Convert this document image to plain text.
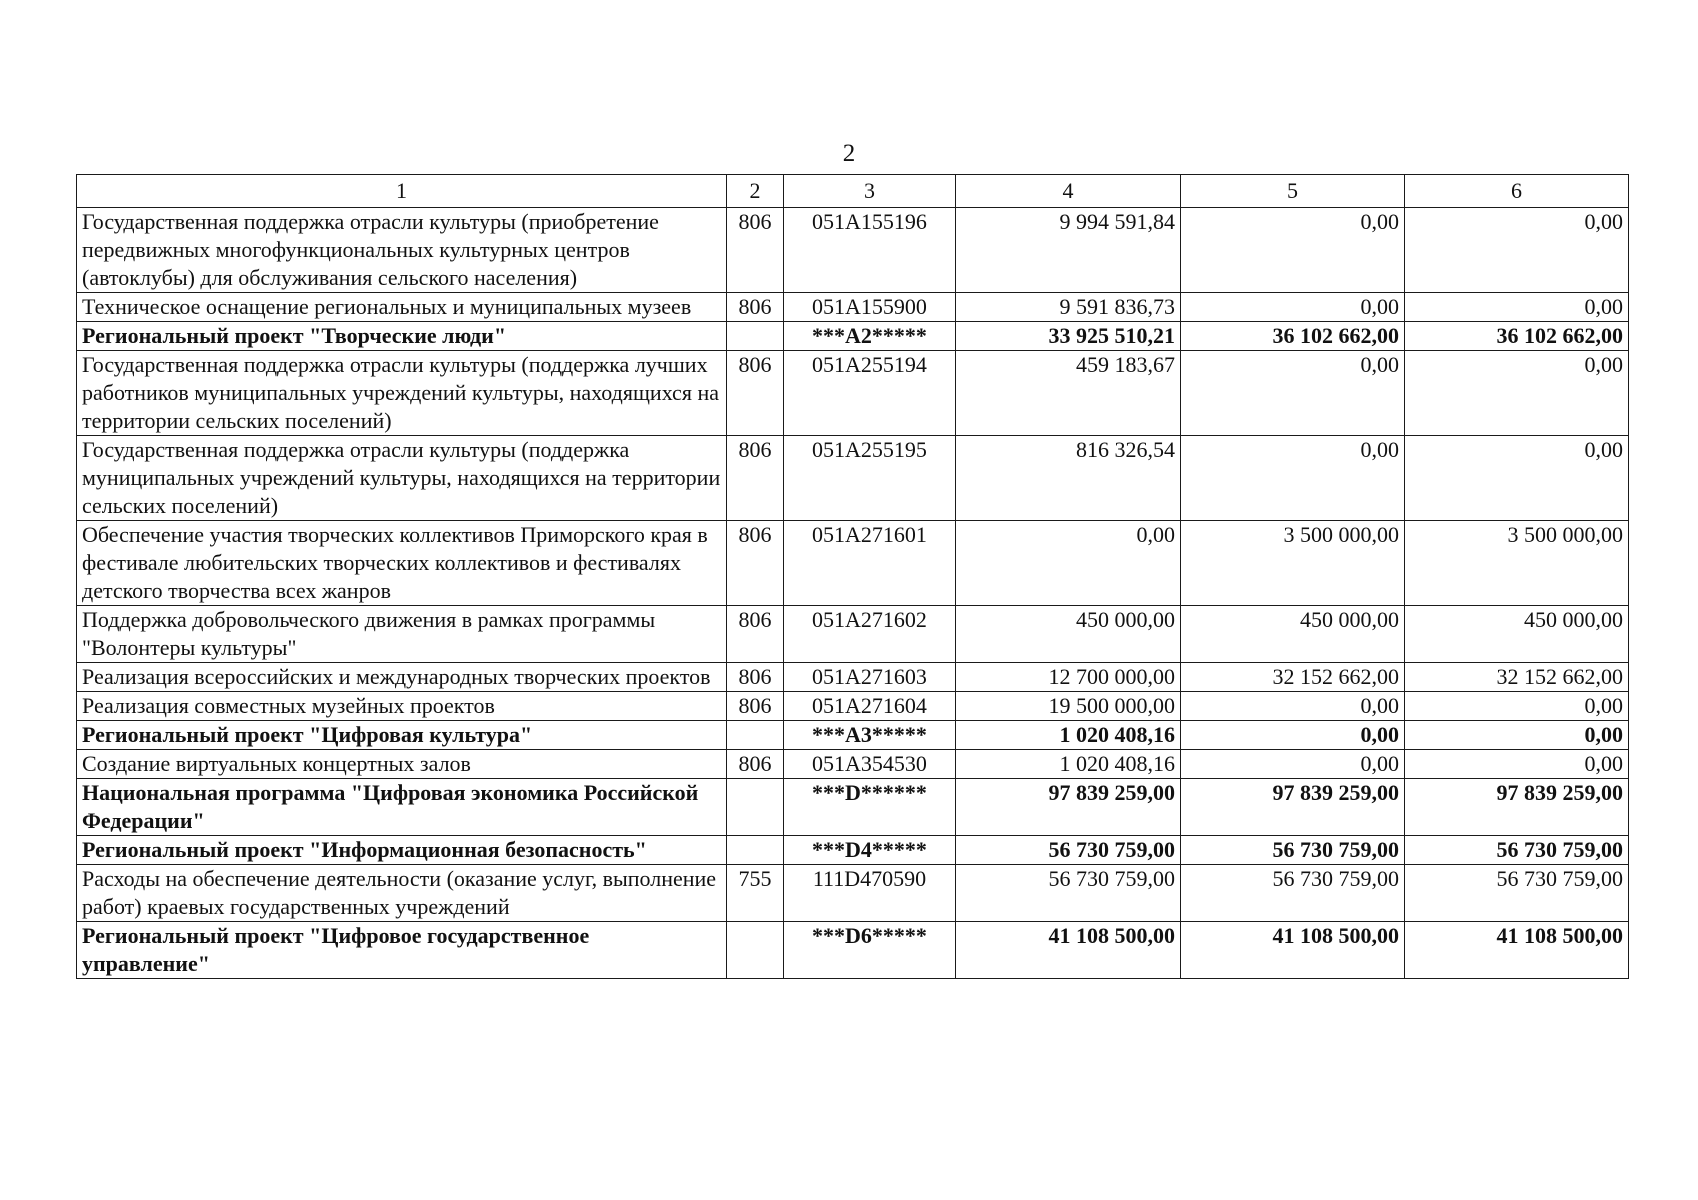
2
1	2	3	4	5	6
Государственная поддержка отрасли культуры (приобретение передвижных многофункциональных культурных центров (автоклубы) для обслуживания сельского населения)	806	051A155196	9 994 591,84	0,00	0,00
Техническое оснащение региональных и муниципальных музеев	806	051A155900	9 591 836,73	0,00	0,00
Региональный проект "Творческие люди"		***A2*****	33 925 510,21	36 102 662,00	36 102 662,00
Государственная поддержка отрасли культуры (поддержка лучших работников муниципальных учреждений культуры, находящихся на территории сельских поселений)	806	051A255194	459 183,67	0,00	0,00
Государственная поддержка отрасли культуры (поддержка муниципальных учреждений культуры, находящихся на территории сельских поселений)	806	051A255195	816 326,54	0,00	0,00
Обеспечение участия творческих коллективов Приморского края в фестивале любительских творческих коллективов и фестивалях детского творчества всех жанров	806	051A271601	0,00	3 500 000,00	3 500 000,00
Поддержка добровольческого движения в рамках программы "Волонтеры культуры"	806	051A271602	450 000,00	450 000,00	450 000,00
Реализация всероссийских и международных творческих проектов	806	051A271603	12 700 000,00	32 152 662,00	32 152 662,00
Реализация совместных музейных проектов	806	051A271604	19 500 000,00	0,00	0,00
Региональный проект "Цифровая культура"		***A3*****	1 020 408,16	0,00	0,00
Создание виртуальных концертных залов	806	051A354530	1 020 408,16	0,00	0,00
Национальная программа "Цифровая экономика Российской Федерации"		***D******	97 839 259,00	97 839 259,00	97 839 259,00
Региональный проект "Информационная безопасность"		***D4*****	56 730 759,00	56 730 759,00	56 730 759,00
Расходы на обеспечение деятельности (оказание услуг, выполнение работ) краевых государственных учреждений	755	111D470590	56 730 759,00	56 730 759,00	56 730 759,00
Региональный проект "Цифровое государственное управление"		***D6*****	41 108 500,00	41 108 500,00	41 108 500,00
